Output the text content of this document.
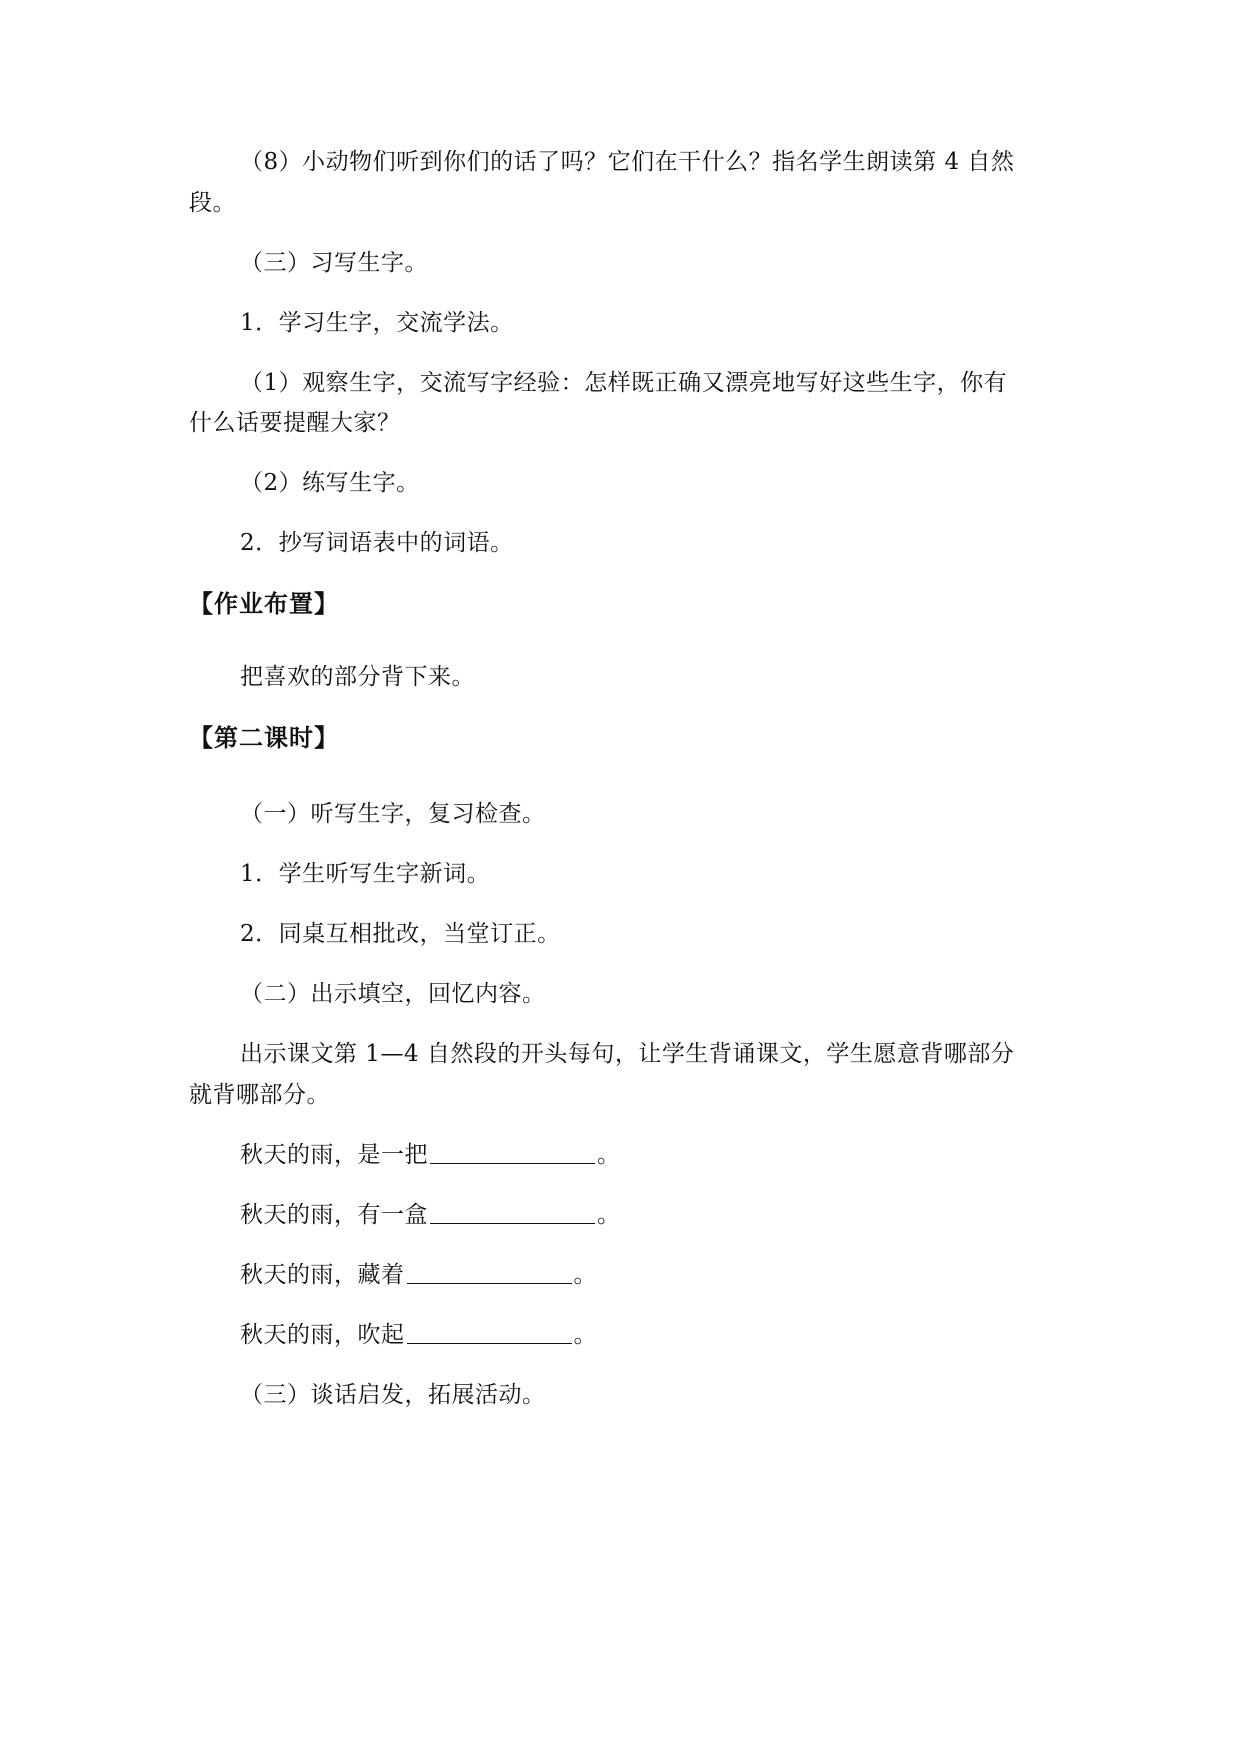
（8）小动物们听到你们的话了吗？它们在干什么？指名学生朗读第 4 自然
段。
（三）习写生字。
1．学习生字，交流学法。
（1）观察生字，交流写字经验：怎样既正确又漂亮地写好这些生字，你有
什么话要提醒大家？
（2）练写生字。
2．抄写词语表中的词语。
【作业布置】
把喜欢的部分背下来。
【第二课时】
（一）听写生字，复习检查。
1．学生听写生字新词。
2．同桌互相批改，当堂订正。
（二）出示填空，回忆内容。
出示课文第 1—4 自然段的开头每句，让学生背诵课文，学生愿意背哪部分
就背哪部分。
秋天的雨，是一把	。
秋天的雨，有一盒	。
秋天的雨，藏着	。
秋天的雨，吹起	。
（三）谈话启发，拓展活动。
